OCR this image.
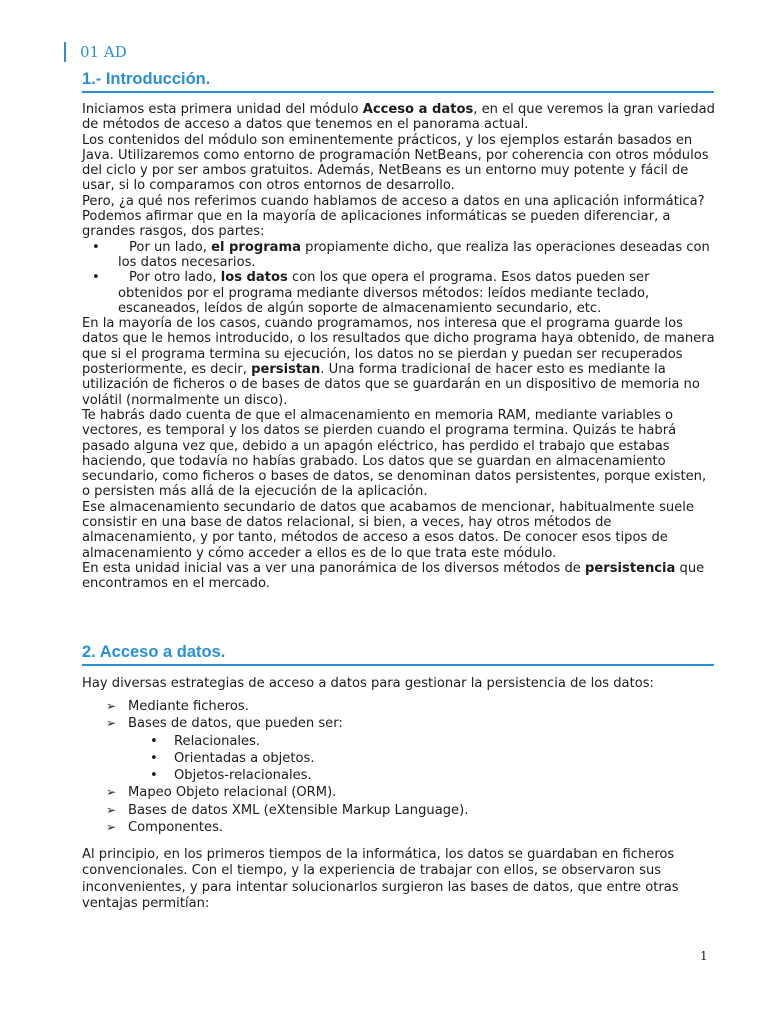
01 AD
1.- Introducción.

Iniciamos esta primera unidad del módulo Acceso a datos, en el que veremos la gran variedad de métodos de acceso a datos que tenemos en el panorama actual.

Los contenidos del módulo son eminentemente prácticos, y los ejemplos estarán basados en Java. Utilizaremos como entorno de programación NetBeans, por coherencia con otros módulos del ciclo y por ser ambos gratuitos. Además, NetBeans es un entorno muy potente y fácil de usar, si lo comparamos con otros entornos de desarrollo.

Pero, ¿a qué nos referimos cuando hablamos de acceso a datos en una aplicación informática?

Podemos afirmar que en la mayoría de aplicaciones informáticas se pueden diferenciar, a grandes rasgos, dos partes:

• Por un lado, el programa propiamente dicho, que realiza las operaciones deseadas con los datos necesarios.
• Por otro lado, los datos con los que opera el programa. Esos datos pueden ser obtenidos por el programa mediante diversos métodos: leídos mediante teclado, escaneados, leídos de algún soporte de almacenamiento secundario, etc.

En la mayoría de los casos, cuando programamos, nos interesa que el programa guarde los datos que le hemos introducido, o los resultados que dicho programa haya obtenido, de manera que si el programa termina su ejecución, los datos no se pierdan y puedan ser recuperados posteriormente, es decir, persistan. Una forma tradicional de hacer esto es mediante la utilización de ficheros o de bases de datos que se guardarán en un dispositivo de memoria no volátil (normalmente un disco).

Te habrás dado cuenta de que el almacenamiento en memoria RAM, mediante variables o vectores, es temporal y los datos se pierden cuando el programa termina. Quizás te habrá pasado alguna vez que, debido a un apagón eléctrico, has perdido el trabajo que estabas haciendo, que todavía no habías grabado. Los datos que se guardan en almacenamiento secundario, como ficheros o bases de datos, se denominan datos persistentes, porque existen, o persisten más allá de la ejecución de la aplicación.

Ese almacenamiento secundario de datos que acabamos de mencionar, habitualmente suele consistir en una base de datos relacional, si bien, a veces, hay otros métodos de almacenamiento, y por tanto, métodos de acceso a esos datos. De conocer esos tipos de almacenamiento y cómo acceder a ellos es de lo que trata este módulo.

En esta unidad inicial vas a ver una panorámica de los diversos métodos de persistencia que encontramos en el mercado.

2. Acceso a datos.

Hay diversas estrategias de acceso a datos para gestionar la persistencia de los datos:

➢ Mediante ficheros.
➢ Bases de datos, que pueden ser:
• Relacionales.
• Orientadas a objetos.
• Objetos-relacionales.
➢ Mapeo Objeto relacional (ORM).
➢ Bases de datos XML (eXtensible Markup Language).
➢ Componentes.

Al principio, en los primeros tiempos de la informática, los datos se guardaban en ficheros convencionales. Con el tiempo, y la experiencia de trabajar con ellos, se observaron sus inconvenientes, y para intentar solucionarlos surgieron las bases de datos, que entre otras ventajas permitían:

1
